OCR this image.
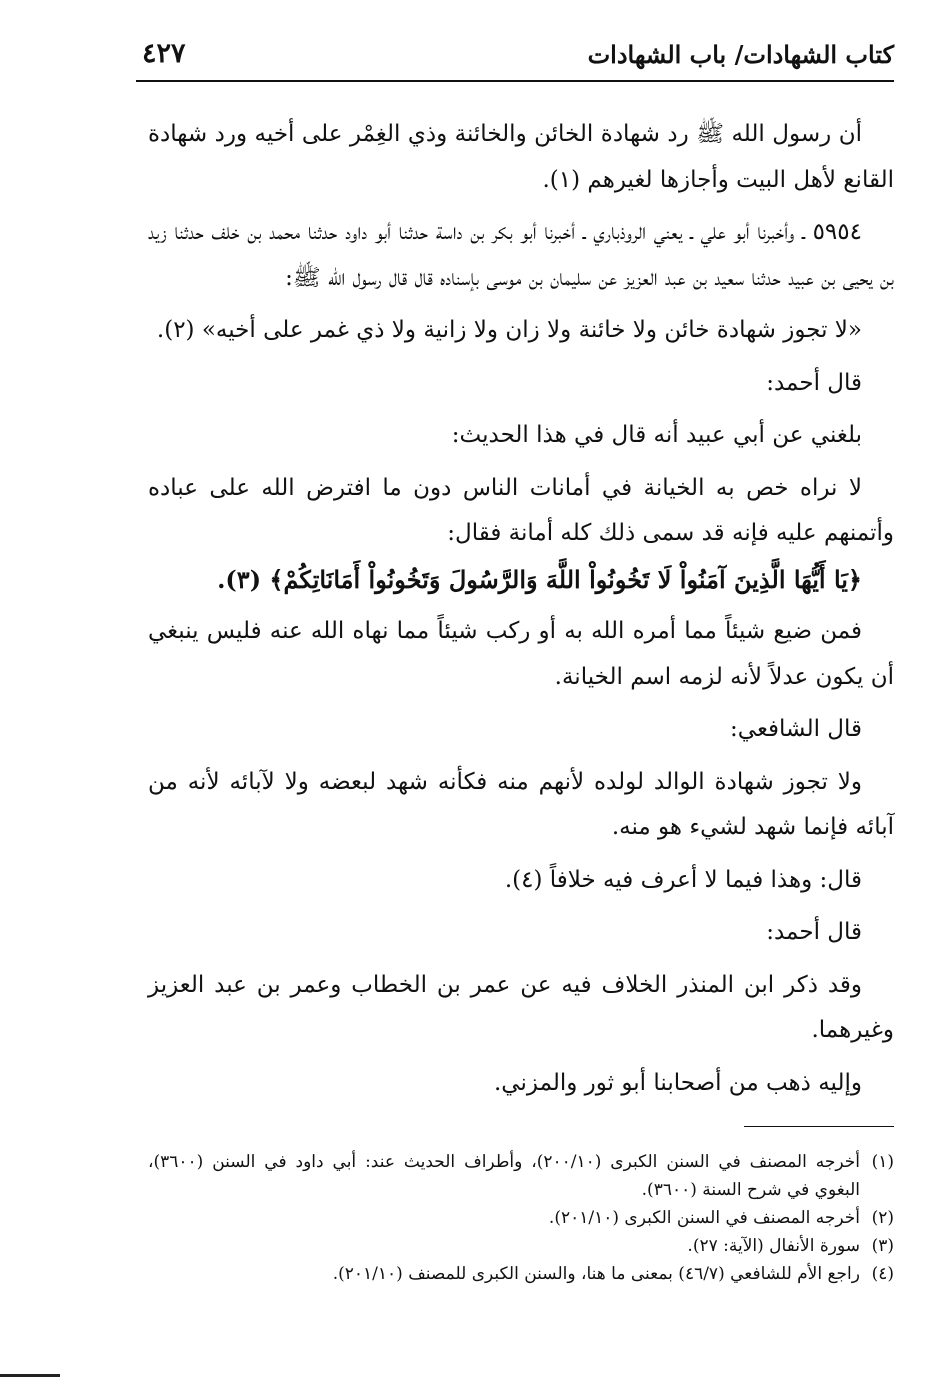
كتاب الشهادات/ باب الشهادات
٤٢٧

أن رسول الله ﷺ رد شهادة الخائن والخائنة وذي الغِمْر على أخيه ورد شهادة القانع لأهل البيت وأجازها لغيرهم (١).

٥٩٥٤ ـ وأخبرنا أبو علي ـ يعني الروذباري ـ أخبرنا أبو بكر بن داسة حدثنا أبو داود حدثنا محمد بن خلف حدثنا زيد بن يحيى بن عبيد حدثنا سعيد بن عبد العزيز عن سليمان بن موسى بإسناده قال قال رسول الله ﷺ:

«لا تجوز شهادة خائن ولا خائنة ولا زان ولا زانية ولا ذي غمر على أخيه» (٢).

قال أحمد:

بلغني عن أبي عبيد أنه قال في هذا الحديث:

لا نراه خص به الخيانة في أمانات الناس دون ما افترض الله على عباده وأتمنهم عليه فإنه قد سمى ذلك كله أمانة فقال:

﴿يَا أَيُّهَا الَّذِينَ آمَنُواْ لَا تَخُونُواْ اللَّهَ وَالرَّسُولَ وَتَخُونُواْ أَمَانَاتِكُمْ﴾ (٣).

فمن ضيع شيئاً مما أمره الله به أو ركب شيئاً مما نهاه الله عنه فليس ينبغي أن يكون عدلاً لأنه لزمه اسم الخيانة.

قال الشافعي:

ولا تجوز شهادة الوالد لولده لأنهم منه فكأنه شهد لبعضه ولا لآبائه لأنه من آبائه فإنما شهد لشيء هو منه.

قال: وهذا فيما لا أعرف فيه خلافاً (٤).

قال أحمد:

وقد ذكر ابن المنذر الخلاف فيه عن عمر بن الخطاب وعمر بن عبد العزيز وغيرهما.

وإليه ذهب من أصحابنا أبو ثور والمزني.

(١)
أخرجه المصنف في السنن الكبرى (٢٠٠/١٠)، وأطراف الحديث عند: أبي داود في السنن (٣٦٠٠)، البغوي في شرح السنة (٣٦٠٠).
(٢)
أخرجه المصنف في السنن الكبرى (٢٠١/١٠).
(٣)
سورة الأنفال (الآية: ٢٧).
(٤)
راجع الأم للشافعي (٤٦/٧) بمعنى ما هنا، والسنن الكبرى للمصنف (٢٠١/١٠).
